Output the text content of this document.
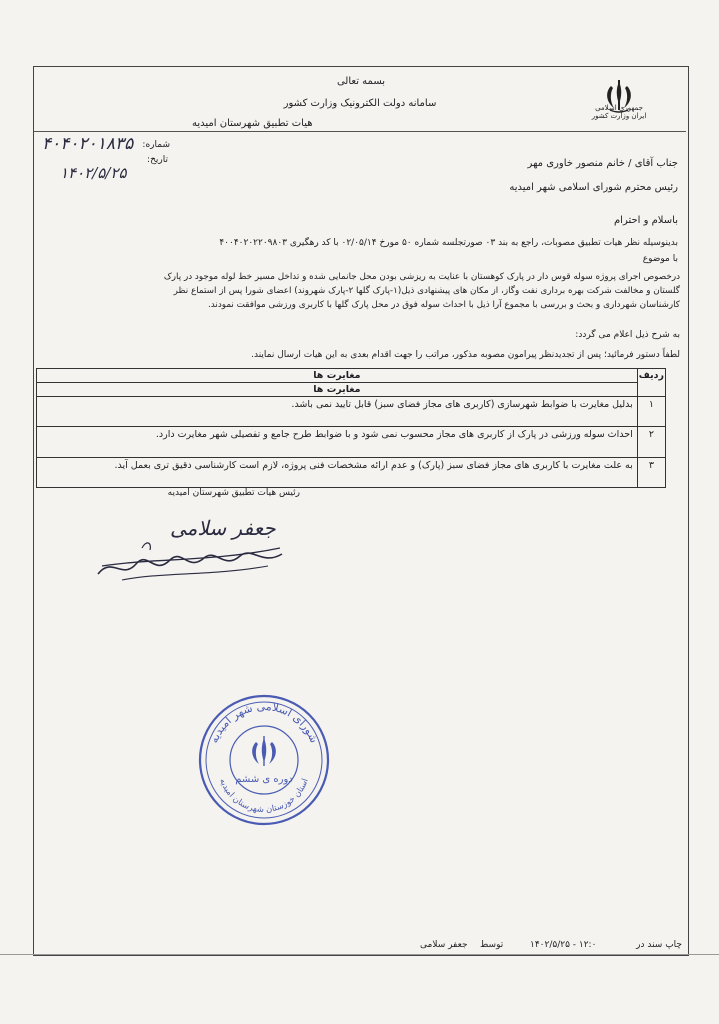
جمهوری اسلامی ایران وزارت کشور
بسمه تعالی
سامانه دولت الکترونیک وزارت کشور
هیات تطبیق شهرستان امیدیه
شماره:
۴۰۴۰۲۰۱۸۳۵
تاریخ:
۱۴۰۲/۵/۲۵
جناب آقای / خانم منصور خاوری مهر
رئیس محترم شورای اسلامی شهر امیدیه
باسلام و احترام
بدینوسیله نظر هیات تطبیق مصوبات، راجع به بند ۰۳ صورتجلسه شماره ۵۰ مورخ ۰۲/۰۵/۱۴ با کد رهگیری ۴۰۰۴۰۲۰۲۲۰۹۸۰۳
با موضوع
درخصوص اجرای پروژه سوله قوس دار در پارک کوهستان با عنایت به ریزشی بودن محل جانمایی شده و تداخل مسیر خط لوله موجود در پارک
گلستان و مخالفت شرکت بهره برداری نفت وگاز، از مکان های پیشنهادی ذیل(۱-پارک گلها ۲-پارک شهروند) اعضای شورا پس از استماع نظر
کارشناسان شهرداری و بحث و بررسی با مجموع آرا ذیل با احداث سوله فوق در محل پارک گلها با کاربری ورزشی موافقت نمودند.
به شرح ذیل اعلام می گردد:
لطفاً دستور فرمائید؛ پس از تجدیدنظر پیرامون مصوبه مذکور، مراتب را جهت اقدام بعدی به این هیات ارسال نمایند.
ردیف	مغایرت ها
	مغایرت ها
۱	بدلیل مغایرت با ضوابط شهرسازی (کاربری های مجاز فضای سبز) قابل تایید نمی باشد.
۲	احداث سوله ورزشی در پارک از کاربری های مجاز محسوب نمی شود و با ضوابط طرح جامع و تفصیلی شهر مغایرت دارد.
۳	به علت مغایرت با کاربری های مجاز فضای سبز (پارک) و عدم ارائه مشخصات فنی پروژه، لازم است کارشناسی دقیق تری بعمل آید.
رئیس هیات تطبیق شهرستان امیدیه
جعفر سلامی
شورای اسلامی شهر امیدیه
دوره ی ششم
استان خوزستان شهرستان امیدیه
چاپ سند در
۱۴۰۲/۵/۲۵ - ۱۲:۰
توسط
جعفر سلامی
